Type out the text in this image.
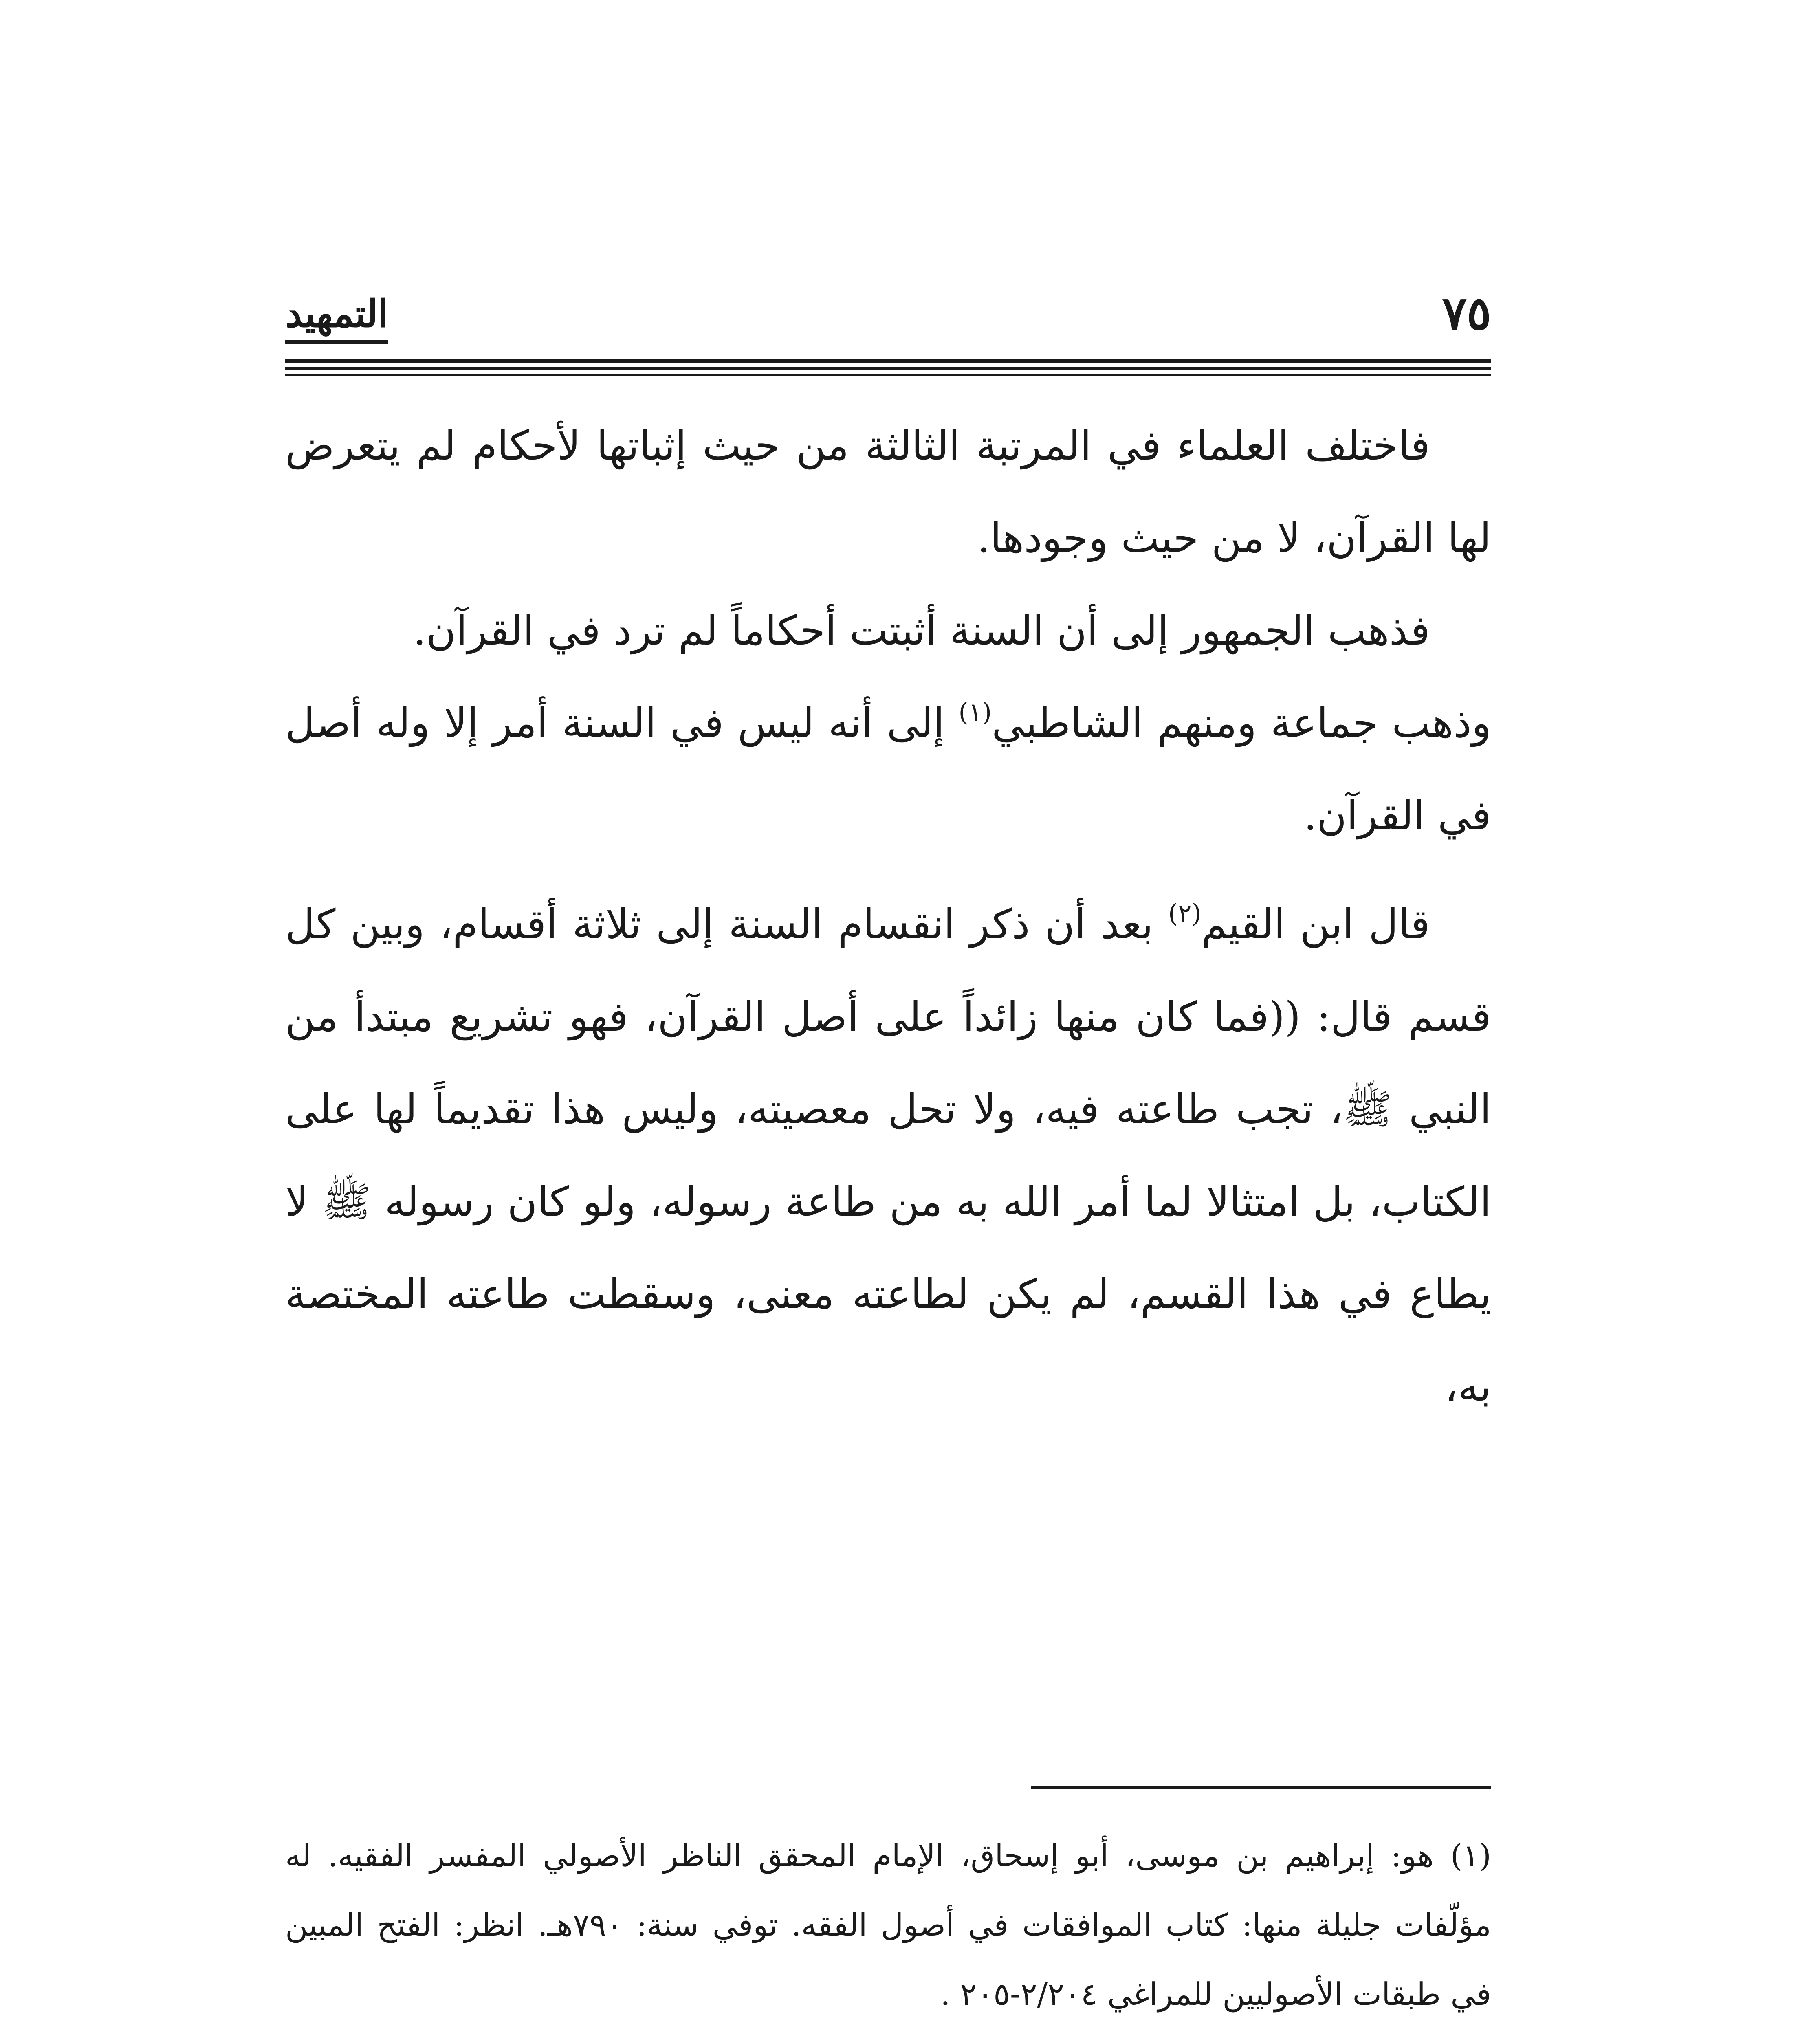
٧٥
التمهيد

فاختلف العلماء في المرتبة الثالثة من حيث إثباتها لأحكام لم يتعرض لها القرآن، لا من حيث وجودها.

فذهب الجمهور إلى أن السنة أثبتت أحكاماً لم ترد في القرآن.

وذهب جماعة ومنهم الشاطبي$^{(١)}$ إلى أنه ليس في السنة أمر إلا وله أصل في القرآن.

قال ابن القيم$^{(٢)}$ بعد أن ذكر انقسام السنة إلى ثلاثة أقسام، وبين كل قسم قال: ((فما كان منها زائداً على أصل القرآن، فهو تشريع مبتدأ من النبي ﷺ، تجب طاعته فيه، ولا تحل معصيته، وليس هذا تقديماً لها على الكتاب، بل امتثالا لما أمر الله به من طاعة رسوله، ولو كان رسوله ﷺ لا يطاع في هذا القسم، لم يكن لطاعته معنى، وسقطت طاعته المختصة به،

(١) هو: إبراهيم بن موسى، أبو إسحاق، الإمام المحقق الناظر الأصولي المفسر الفقيه. له مؤلّفات جليلة منها: كتاب الموافقات في أصول الفقه. توفي سنة: ٧٩٠هـ. انظر: الفتح المبين في طبقات الأصوليين للمراغي ٢/٢٠٤-٢٠٥ .
